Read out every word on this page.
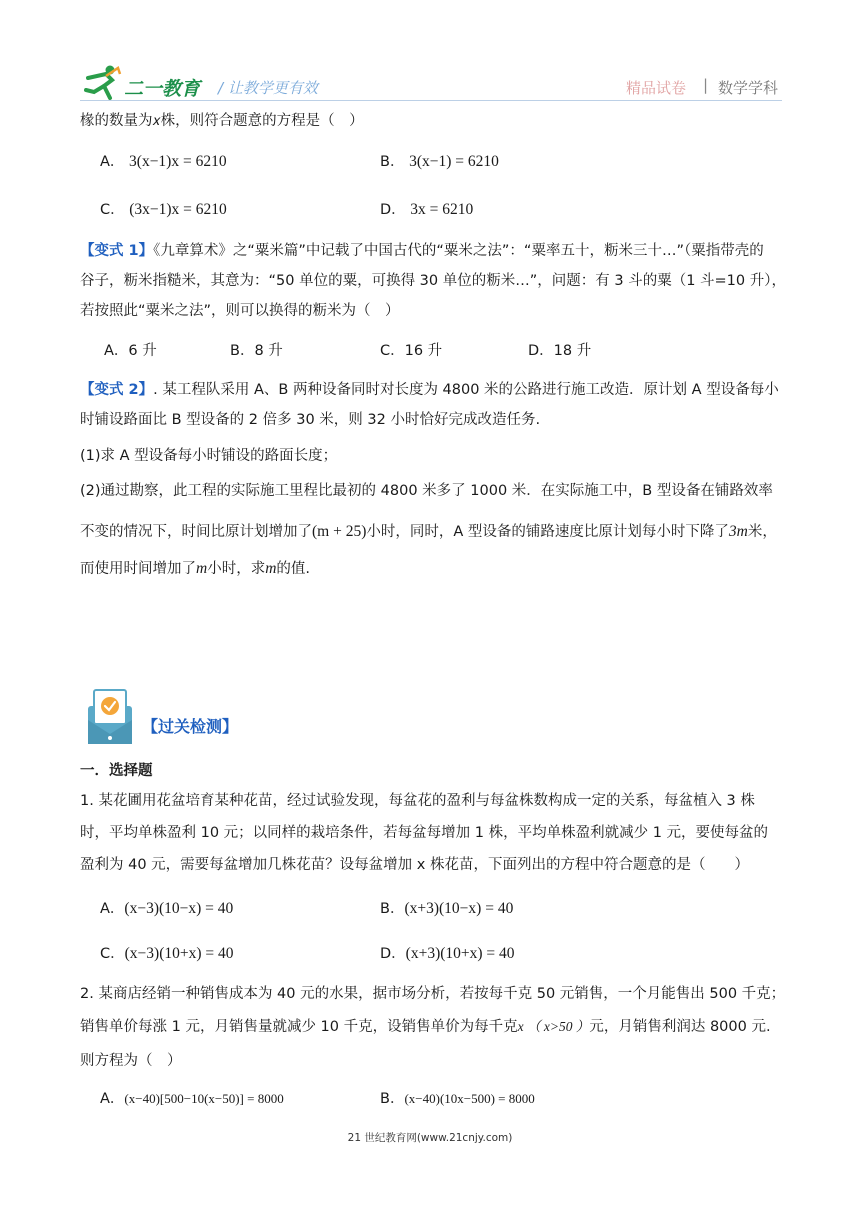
二一教育 / 让教学更有效	精品试卷 | 数学学科
椽的数量为𝑥株，则符合题意的方程是（　）
A． 3(x−1)x = 6210	B． 3(x−1) = 6210
C． (3x−1)x = 6210	D． 3x = 6210
【变式 1】《九章算术》之“粟米篇”中记载了中国古代的“粟米之法”：“粟率五十，粝米三十…”（粟指带壳的
谷子，粝米指糙米，其意为：“50 单位的粟，可换得 30 单位的粝米…”，问题：有 3 斗的粟（1 斗=10 升），
若按照此“粟米之法”，则可以换得的粝米为（　）
A．6 升	B．8 升	C．16 升	D．18 升
【变式 2】. 某工程队采用 A、B 两种设备同时对长度为 4800 米的公路进行施工改造．原计划 A 型设备每小
时铺设路面比 B 型设备的 2 倍多 30 米，则 32 小时恰好完成改造任务.
(1)求 A 型设备每小时铺设的路面长度；
(2)通过勘察，此工程的实际施工里程比最初的 4800 米多了 1000 米．在实际施工中，B 型设备在铺路效率
不变的情况下，时间比原计划增加了(m + 25)小时，同时，A 型设备的铺路速度比原计划每小时下降了3m米，
而使用时间增加了m小时，求m的值.
【过关检测】
一．选择题
1. 某花圃用花盆培育某种花苗，经过试验发现，每盆花的盈利与每盆株数构成一定的关系，每盆植入 3 株
时，平均单株盈利 10 元；以同样的栽培条件，若每盆每增加 1 株，平均单株盈利就减少 1 元，要使每盆的
盈利为 40 元，需要每盆增加几株花苗？设每盆增加 x 株花苗，下面列出的方程中符合题意的是（　　）
A．(x−3)(10−x) = 40	B．(x+3)(10−x) = 40
C．(x−3)(10+x) = 40	D．(x+3)(10+x) = 40
2. 某商店经销一种销售成本为 40 元的水果，据市场分析，若按每千克 50 元销售，一个月能售出 500 千克；
销售单价每涨 1 元，月销售量就减少 10 千克，设销售单价为每千克x （ x>50 ）元，月销售利润达 8000 元.
则方程为（　）
A．(x−40)[500−10(x−50)] = 8000	B．(x−40)(10x−500) = 8000
21 世纪教育网(www.21cnjy.com)
